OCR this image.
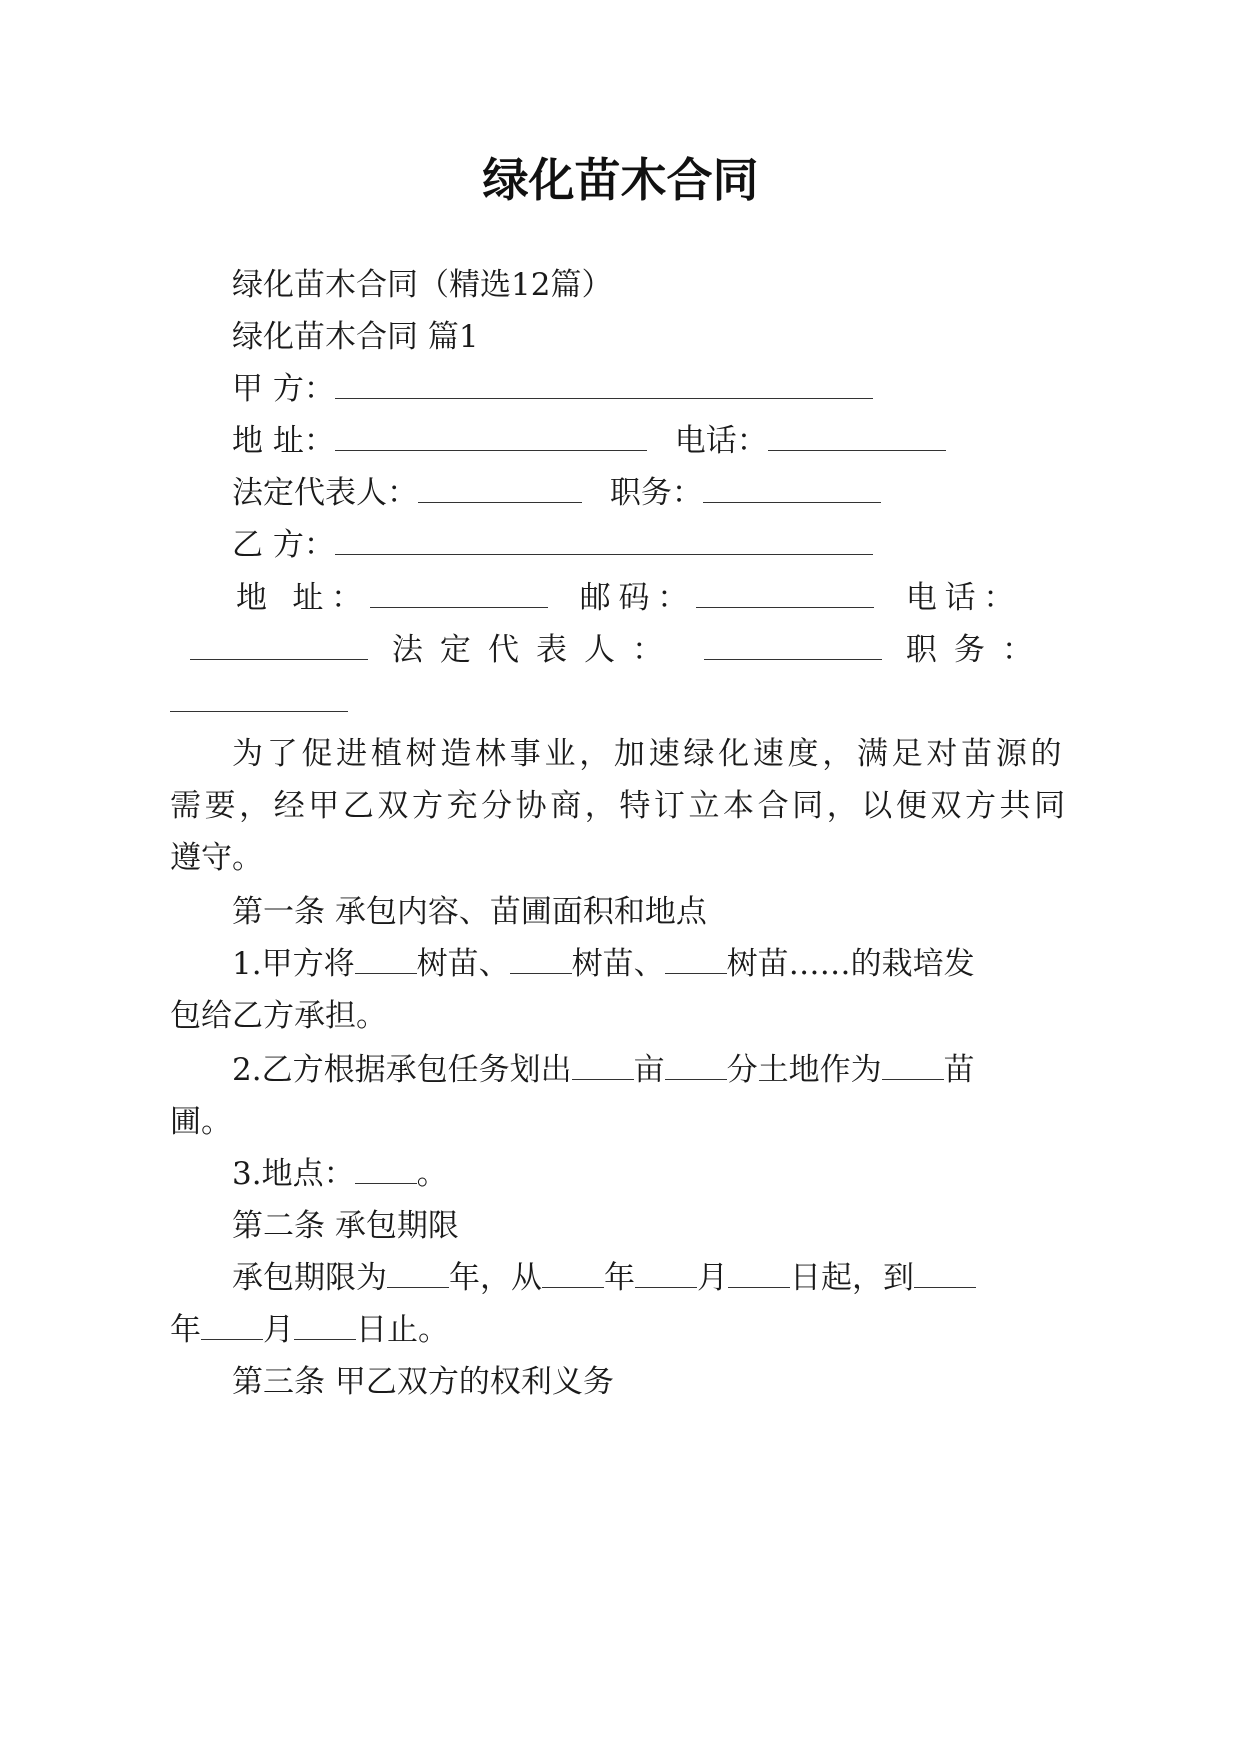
绿化苗木合同
绿化苗木合同（精选12篇）
绿化苗木合同 篇1
甲 方：
地 址：	电话：
法定代表人：	职务：
乙 方：
地 址：	邮码：	电话：
法定代表人：	职务：
为了促进植树造林事业，加速绿化速度，满足对苗源的
需要，经甲乙双方充分协商，特订立本合同，以便双方共同
遵守。
第一条 承包内容、苗圃面积和地点
1.甲方将 树苗、 树苗、 树苗……的栽培发
包给乙方承担。
2.乙方根据承包任务划出 亩 分土地作为 苗
圃。
3.地点： 。
第二条 承包期限
承包期限为 年，从 年 月 日起，到
年 月 日止。
第三条 甲乙双方的权利义务
